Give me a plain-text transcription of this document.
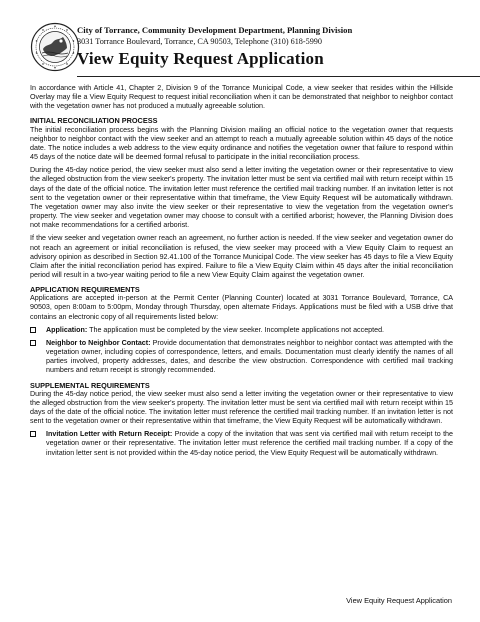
City of Torrance, Community Development Department, Planning Division
3031 Torrance Boulevard, Torrance, CA 90503, Telephone (310) 618-5990
View Equity Request Application

In accordance with Article 41, Chapter 2, Division 9 of the Torrance Municipal Code, a view seeker that resides within the Hillside Overlay may file a View Equity Request to request initial reconciliation when it can be demonstrated that neighbor to neighbor contact with the vegetation owner has not produced a mutually agreeable solution.

INITIAL RECONCILIATION PROCESS

The initial reconciliation process begins with the Planning Division mailing an official notice to the vegetation owner that requests neighbor to neighbor contact with the view seeker and an attempt to reach a mutually agreeable solution within 45 days of the notice date. The notice includes a web address to the view equity ordinance and notifies the vegetation owner that failure to respond within 45 days of the notice date will be deemed formal refusal to participate in the initial reconciliation process.

During the 45-day notice period, the view seeker must also send a letter inviting the vegetation owner or their representative to view the alleged obstruction from the view seeker's property. The invitation letter must be sent via certified mail with return receipt within 15 days of the date of the official notice. The invitation letter must reference the certified mail tracking number. If an invitation letter is not sent to the vegetation owner or their representative within that timeframe, the View Equity Request will be automatically withdrawn. The vegetation owner may also invite the view seeker or their representative to view the vegetation from the vegetation owner's property. The view seeker and vegetation owner may choose to consult with a certified arborist; however, the Planning Division does not make recommendations for a certified arborist.

If the view seeker and vegetation owner reach an agreement, no further action is needed. If the view seeker and vegetation owner do not reach an agreement or initial reconciliation is refused, the view seeker may proceed with a View Equity Claim to request an advisory opinion as described in Section 92.41.100 of the Torrance Municipal Code. The view seeker has 45 days to file a View Equity Claim after the initial reconciliation period has expired. Failure to file a View Equity Claim within 45 days after the initial reconciliation period will result in a two-year waiting period to file a new View Equity Claim against the vegetation owner.

APPLICATION REQUIREMENTS

Applications are accepted in-person at the Permit Center (Planning Counter) located at 3031 Torrance Boulevard, Torrance, CA 90503, open 8:00am to 5:00pm, Monday through Thursday, open alternate Fridays. Applications must be filed with a USB drive that contains an electronic copy of all requirements listed below:

Application: The application must be completed by the view seeker. Incomplete applications not accepted.

Neighbor to Neighbor Contact: Provide documentation that demonstrates neighbor to neighbor contact was attempted with the vegetation owner, including copies of correspondence, letters, and emails. Documentation must clearly identify the names of all parties involved, property addresses, dates, and describe the view obstruction. Correspondence with certified mail tracking numbers and return receipt is strongly recommended.

SUPPLEMENTAL REQUIREMENTS

During the 45-day notice period, the view seeker must also send a letter inviting the vegetation owner or their representative to view the alleged obstruction from the view seeker's property. The invitation letter must be sent via certified mail with return receipt within 15 days of the date of the official notice. The invitation letter must reference the certified mail tracking number. If an invitation letter is not sent to the vegetation owner or their representative within that timeframe, the View Equity Request will be automatically withdrawn.

Invitation Letter with Return Receipt: Provide a copy of the invitation that was sent via certified mail with return receipt to the vegetation owner or their representative. The invitation letter must reference the certified mail tracking number. If a copy of the invitation letter sent is not provided within the 45-day notice period, the View Equity Request will be automatically withdrawn.

View Equity Request Application
